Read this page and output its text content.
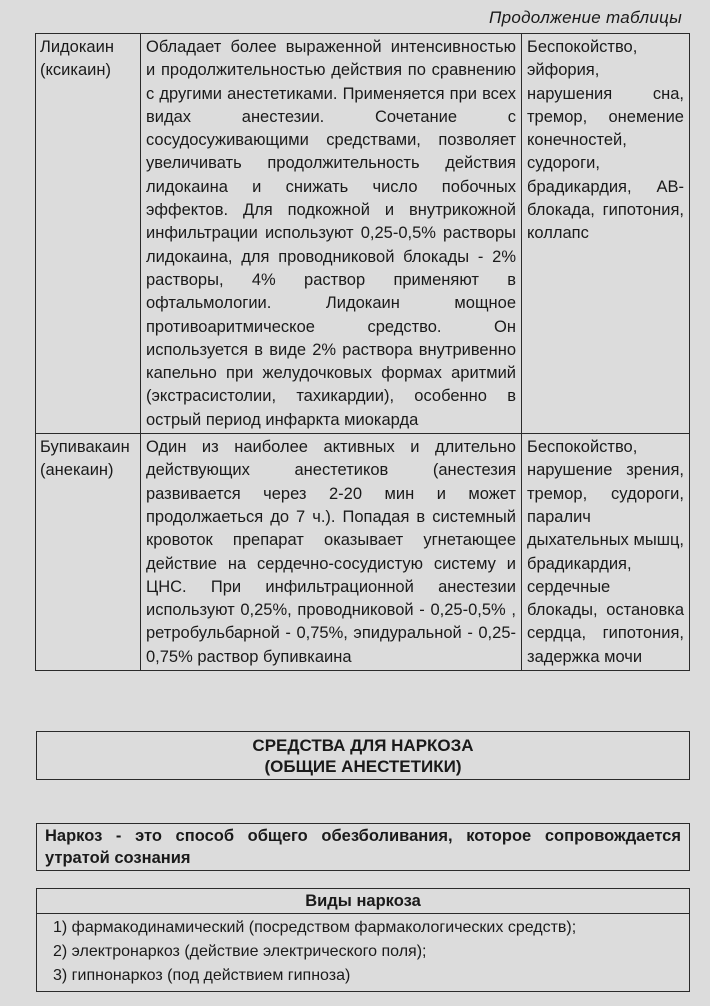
Продолжение таблицы
Лидокаин (ксикаин)	Обладает более выраженной интенсивностью и продолжительностью действия по сравнению с другими анестетиками. Применяется при всех видах анестезии. Сочетание с сосудосуживающими средствами, позволяет увеличивать продолжительность действия лидокаина и снижать число побочных эффектов. Для подкожной и внутрикожной инфильтрации используют 0,25-0,5% растворы лидокаина, для проводниковой блокады - 2% растворы, 4% раствор применяют в офтальмологии. Лидокаин мощное противоаритмическое средство. Он используется в виде 2% раствора внутривенно капельно при желудочковых формах аритмий (экстрасистолии, тахикардии), особенно в острый период инфаркта миокарда	Беспокойство, эйфория, нарушения сна, тремор, онемение конечностей, судороги, брадикардия, АВ-блокада, гипотония, коллапс
Бупивакаин (анекаин)	Один из наиболее активных и длительно действующих анестетиков (анестезия развивается через 2-20 мин и может продолжаеться до 7 ч.). Попадая в системный кровоток препарат оказывает угнетающее действие на сердечно-сосудистую систему и ЦНС. При инфильтрационной анестезии используют 0,25%, проводниковой - 0,25-0,5% , ретробульбарной - 0,75%, эпидуральной - 0,25-0,75% раствор бупивкаина	Беспокойство, нарушение зрения, тремор, судороги, паралич дыхательных мышц, брадикардия, сердечные блокады, остановка сердца, гипотония, задержка мочи
СРЕДСТВА ДЛЯ НАРКОЗА
(ОБЩИЕ АНЕСТЕТИКИ)
Наркоз - это способ общего обезболивания, которое сопровождается утратой сознания
Виды наркоза
1) фармакодинамический (посредством фармакологических средств);
2) электронаркоз (действие электрического поля);
3) гипнонаркоз (под действием гипноза)
